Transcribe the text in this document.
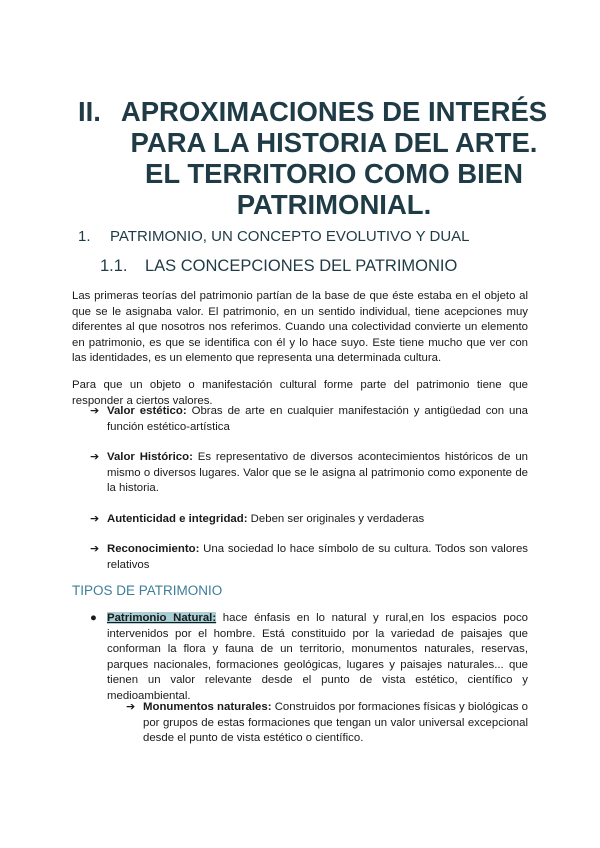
II. APROXIMACIONES DE INTERÉS
PARA LA HISTORIA DEL ARTE.
EL TERRITORIO COMO BIEN
PATRIMONIAL.
1. PATRIMONIO, UN CONCEPTO EVOLUTIVO Y DUAL
1.1. LAS CONCEPCIONES DEL PATRIMONIO

Las primeras teorías del patrimonio partían de la base de que éste estaba en el objeto al que se le asignaba valor. El patrimonio, en un sentido individual, tiene acepciones muy diferentes al que nosotros nos referimos. Cuando una colectividad convierte un elemento en patrimonio, es que se identifica con él y lo hace suyo. Este tiene mucho que ver con las identidades, es un elemento que representa una determinada cultura.

Para que un objeto o manifestación cultural forme parte del patrimonio tiene que responder a ciertos valores.

➔ Valor estético: Obras de arte en cualquier manifestación y antigüedad con una función estético-artística
➔ Valor Histórico: Es representativo de diversos acontecimientos históricos de un mismo o diversos lugares. Valor que se le asigna al patrimonio como exponente de la historia.
➔ Autenticidad e integridad: Deben ser originales y verdaderas
➔ Reconocimiento: Una sociedad lo hace símbolo de su cultura. Todos son valores relativos
TIPOS DE PATRIMONIO
● Patrimonio Natural: hace énfasis en lo natural y rural,en los espacios poco intervenidos por el hombre. Está constituido por la variedad de paisajes que conforman la flora y fauna de un territorio, monumentos naturales, reservas, parques nacionales, formaciones geológicas, lugares y paisajes naturales... que tienen un valor relevante desde el punto de vista estético, científico y medioambiental.
➔ Monumentos naturales: Construidos por formaciones físicas y biológicas o por grupos de estas formaciones que tengan un valor universal excepcional desde el punto de vista estético o científico.
